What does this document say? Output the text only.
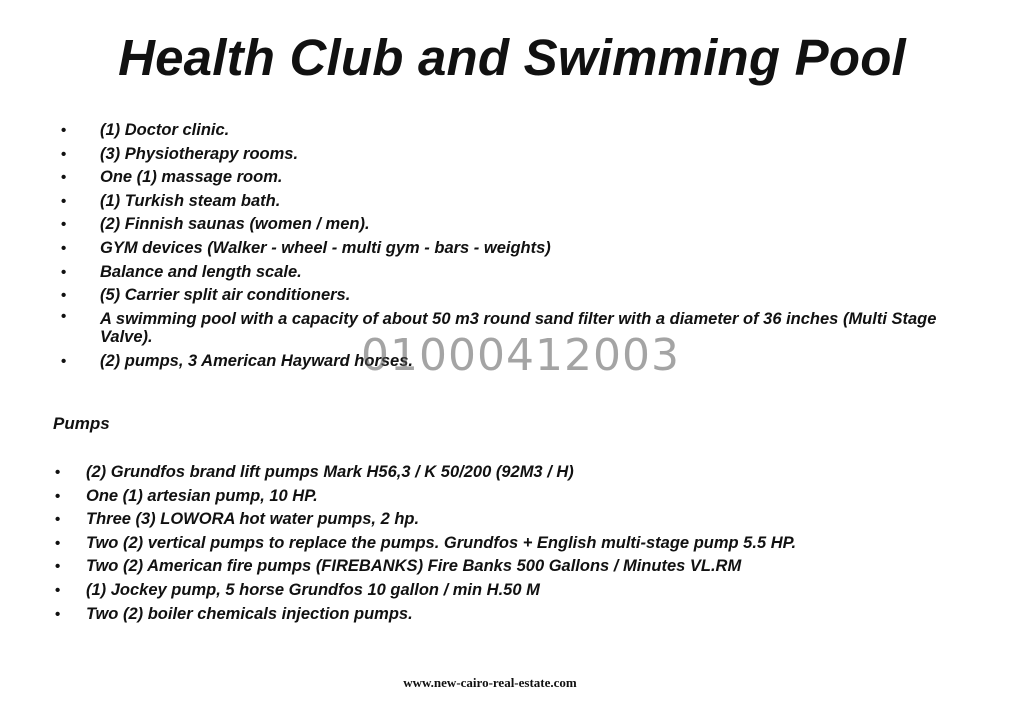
Health Club and Swimming Pool
• (1) Doctor clinic.
• (3) Physiotherapy rooms.
• One (1) massage room.
• (1) Turkish steam bath.
• (2) Finnish saunas (women / men).
• GYM devices (Walker - wheel - multi gym - bars - weights)
• Balance and length scale.
• (5) Carrier split air conditioners.
• A swimming pool with a capacity of about 50 m3 round sand filter with a diameter of 36 inches (Multi Stage Valve).
• (2) pumps, 3 American Hayward horses.
01000412003
Pumps
• (2) Grundfos brand lift pumps Mark H56,3 / K 50/200 (92M3 / H)
• One (1) artesian pump, 10 HP.
• Three (3) LOWORA hot water pumps, 2 hp.
• Two (2) vertical pumps to replace the pumps. Grundfos + English multi-stage pump 5.5 HP.
• Two (2) American fire pumps (FIREBANKS) Fire Banks 500 Gallons / Minutes VL.RM
• (1) Jockey pump, 5 horse Grundfos 10 gallon / min H.50 M
• Two (2) boiler chemicals injection pumps.
www.new-cairo-real-estate.com
